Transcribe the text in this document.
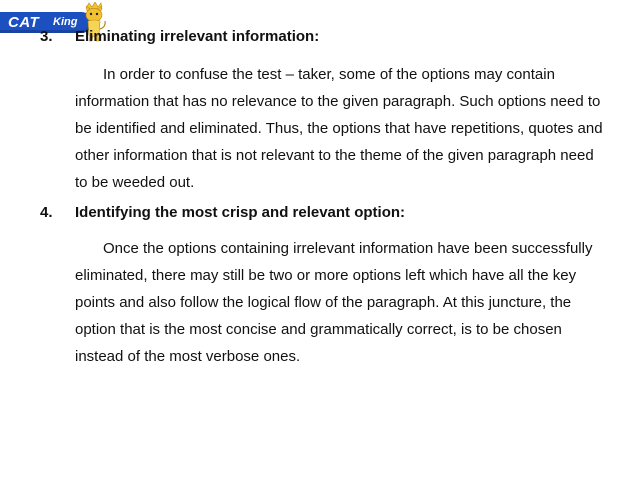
CAT King
3. Eliminating irrelevant information:

In order to confuse the test – taker, some of the options may contain information that has no relevance to the given paragraph. Such options need to be identified and eliminated. Thus, the options that have repetitions, quotes and other information that is not relevant to the theme of the given paragraph need to be weeded out.

4. Identifying the most crisp and relevant option:

Once the options containing irrelevant information have been successfully eliminated, there may still be two or more options left which have all the key points and also follow the logical flow of the paragraph. At this juncture, the option that is the most concise and grammatically correct, is to be chosen instead of the most verbose ones.
